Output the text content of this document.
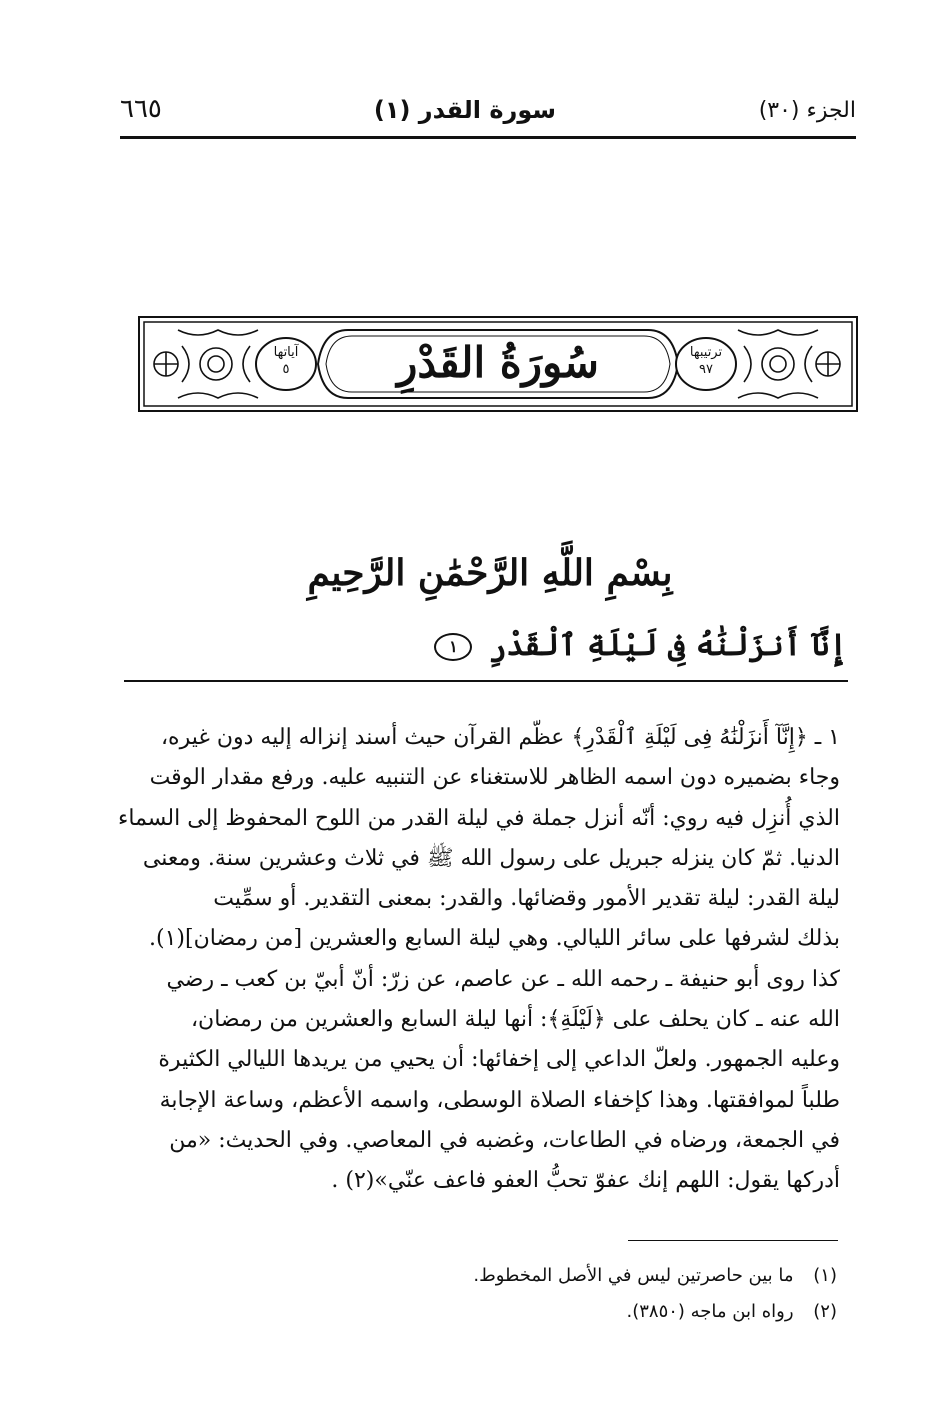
الجزء (٣٠)
سورة القدر (١)
٦٦٥
سُورَةُ القَدْرِ	ترتيبها
٩٧
آياتها
٥
بِسْمِ اللَّهِ الرَّحْمَٰنِ الرَّحِيمِ
إِنَّآ أَنزَلْنَٰهُ فِى لَيْلَةِ ٱلْقَدْرِ ١
١ ـ ﴿إِنَّآ أَنزَلْنَٰهُ فِى لَيْلَةِ ٱلْقَدْرِ﴾ عظّم القرآن حيث أسند إنزاله إليه دون غيره،
وجاء بضميره دون اسمه الظاهر للاستغناء عن التنبيه عليه. ورفع مقدار الوقت
الذي أُنزِل فيه روي: أنّه أنزل جملة في ليلة القدر من اللوح المحفوظ إلى السماء
الدنيا. ثمّ كان ينزله جبريل على رسول الله ﷺ في ثلاث وعشرين سنة. ومعنى
ليلة القدر: ليلة تقدير الأمور وقضائها. والقدر: بمعنى التقدير. أو سمِّيت
بذلك لشرفها على سائر الليالي. وهي ليلة السابع والعشرين [من رمضان](١).
كذا روى أبو حنيفة ـ رحمه الله ـ عن عاصم، عن زرّ: أنّ أبيّ بن كعب ـ رضي
الله عنه ـ كان يحلف على ﴿لَيْلَةِ﴾: أنها ليلة السابع والعشرين من رمضان،
وعليه الجمهور. ولعلّ الداعي إلى إخفائها: أن يحيي من يريدها الليالي الكثيرة
طلباً لموافقتها. وهذا كإخفاء الصلاة الوسطى، واسمه الأعظم، وساعة الإجابة
في الجمعة، ورضاه في الطاعات، وغضبه في المعاصي. وفي الحديث: «من
أدركها يقول: اللهم إنك عفوّ تحبُّ العفو فاعف عنّي»(٢) .
(١) ما بين حاصرتين ليس في الأصل المخطوط.
(٢) رواه ابن ماجه (٣٨٥٠).
